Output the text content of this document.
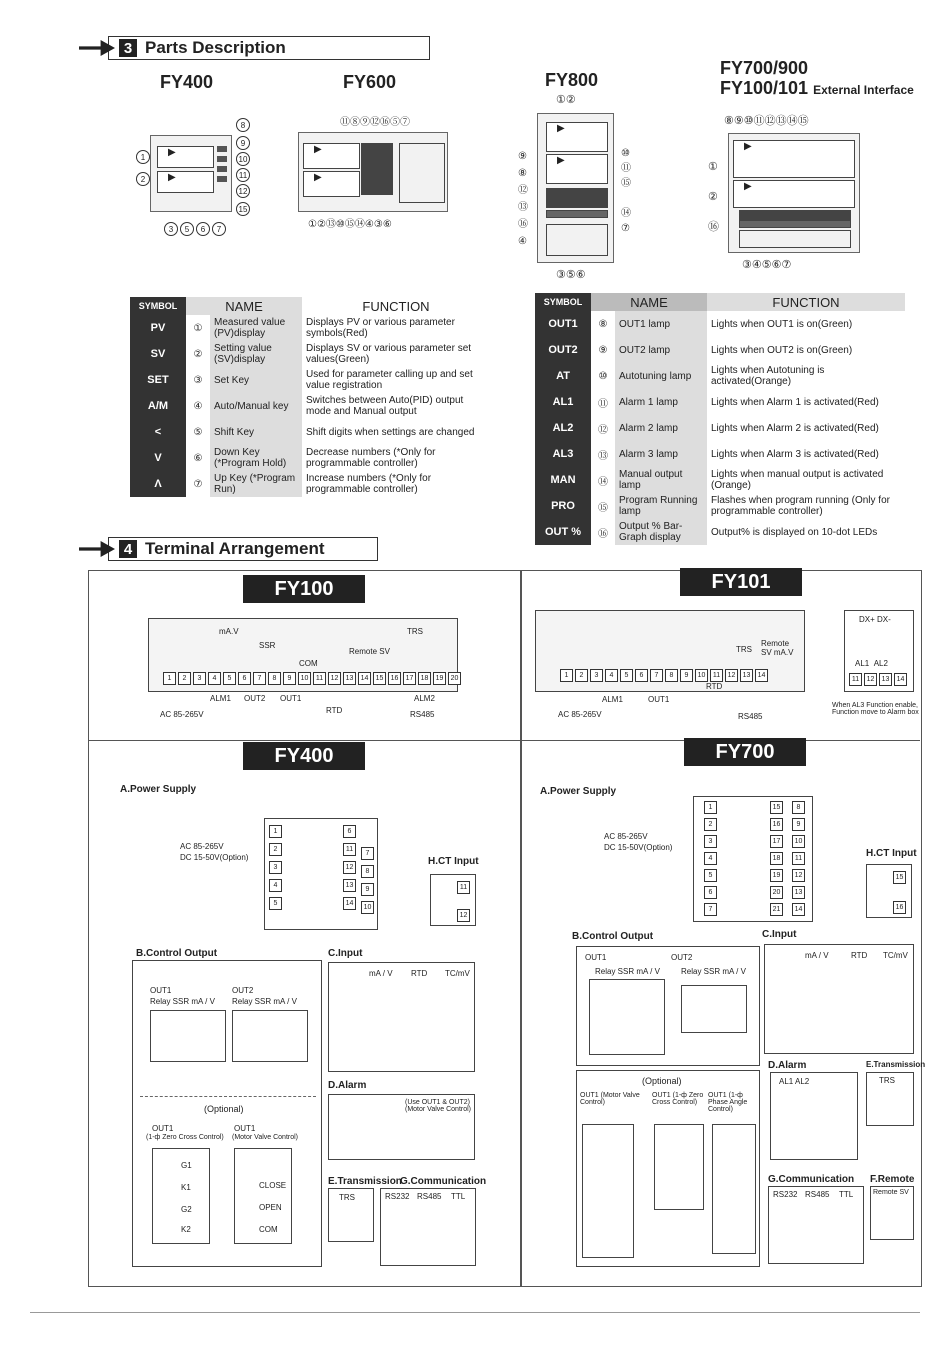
3 Parts Description
FY400	FY600	FY800
FY700/900
FY100/101 External Interface
▶
▶
1
2
8
9
10
11
12
15
3	5	6	7
▶
▶
⑪⑧⑨⑫⑯⑤⑦
①②⑬⑩⑮⑭④③⑥
①②
▶
▶
⑨
⑧
⑫
⑬
⑯
④
⑩
⑪
⑮

⑭
⑦
③⑤⑥
⑧⑨⑩⑪⑫⑬⑭⑮
▶
▶
①
②
⑯
③④⑤⑥⑦
SYMBOL	NAME		FUNCTION
PV	①	Measured value (PV)display	Displays PV or various parameter symbols(Red)
SV	②	Setting value (SV)display	Displays SV or various parameter set values(Green)
SET	③	Set Key	Used for parameter calling up and set value registration
A/M	④	Auto/Manual key	Switches between Auto(PID) output mode and Manual output
<	⑤	Shift Key	Shift digits when settings are changed
V	⑥	Down Key (*Program Hold)	Decrease numbers (*Only for programmable controller)
Λ	⑦	Up Key (*Program Run)	Increase numbers (*Only for programmable controller)
SYMBOL	NAME		FUNCTION
OUT1	⑧	OUT1 lamp	Lights when OUT1 is on(Green)
OUT2	⑨	OUT2 lamp	Lights when OUT2 is on(Green)
AT	⑩	Autotuning lamp	Lights when Autotuning is activated(Orange)
AL1	⑪	Alarm 1 lamp	Lights when Alarm 1 is activated(Red)
AL2	⑫	Alarm 2 lamp	Lights when Alarm 2 is activated(Red)
AL3	⑬	Alarm 3 lamp	Lights when Alarm 3 is activated(Red)
MAN	⑭	Manual output lamp	Lights when manual output is activated (Orange)
PRO	⑮	Program Running lamp	Flashes when program running (Only for programmable controller)
OUT %	⑯	Output % Bar-Graph display	Output% is displayed on 10-dot LEDs
4 Terminal Arrangement
FY100
1	2	3	4	5	6	7	8	9	10	11	12	13	14	15	16	17	18	19	20
mA.V
SSR
COM
Remote SV
TRS
AC 85-265V
ALM1 OUT2 OUT1
RTD
ALM2
RS485
FY101
1	2	3	4	5	6	7	8	9	10	11	12	13	14
Remote SV mA.V
TRS
AC 85-265V
ALM1	OUT1
RTD
RS485
DX+ DX-
AL1 AL2
11	12	13	14
When AL3 Function enable, Function move to Alarm box
FY400
A.Power Supply
AC 85-265V
DC 15-50V(Option)
1
2
3
4
5
6
11
12
13
14
7
8
9
10
H.CT Input
11
12
B.Control Output
OUT1	OUT2
Relay SSR mA / V Relay SSR mA / V
(Optional)
OUT1
(1-ф Zero Cross Control)
OUT1
(Motor Valve Control)
G1
K1
G2
K2
CLOSE
OPEN
COM
C.Input
mA / V RTD TC/mV
D.Alarm
(Use OUT1 & OUT2) (Motor Valve Control)
E.Transmission
TRS
G.Communication
RS232 RS485 TTL
FY700
A.Power Supply
AC 85-265V
DC 15-50V(Option)
1
2
3
4
5
6
7
15
16
17
18
19
20
21
8
9
10
11
12
13
14
H.CT Input
15
16
B.Control Output
OUT1	OUT2
Relay SSR mA / V	Relay SSR mA / V
C.Input
mA / V	RTD TC/mV
(Optional)
OUT1 (Motor Valve Control)
OUT1 (1-ф Zero Cross Control)
OUT1 (1-ф Phase Angle Control)
D.Alarm
AL1 AL2
E.Transmission
TRS
G.Communication
RS232 RS485 TTL
F.Remote
Remote SV
